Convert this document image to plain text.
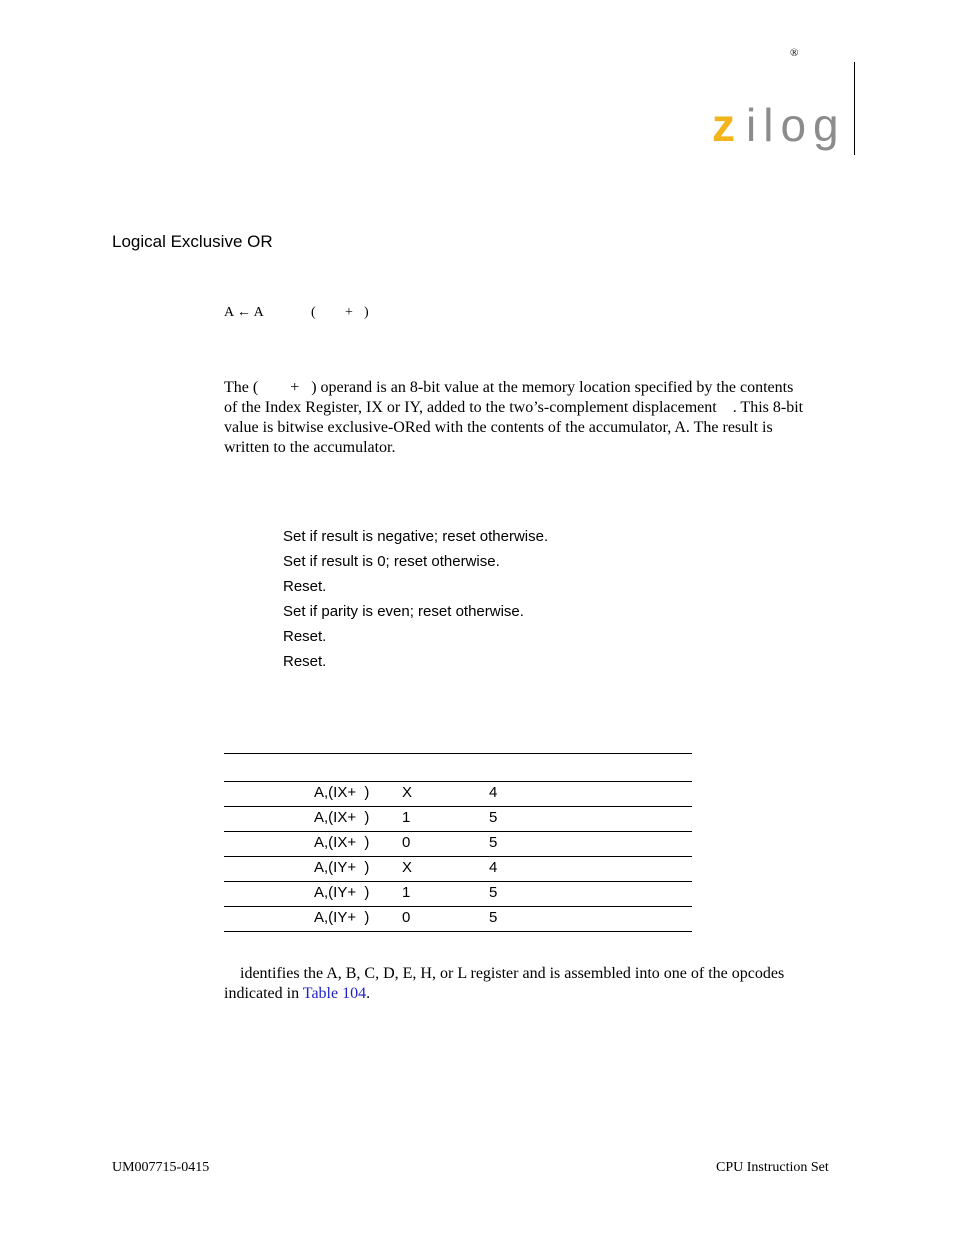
®
z ilog
Logical Exclusive OR
A ← A	( + )
The (        +   ) operand is an 8-bit value at the memory location specified by the contents
of the Index Register, IX or IY, added to the two’s-complement displacement    . This 8-bit
value is bitwise exclusive-ORed with the contents of the accumulator, A. The result is
written to the accumulator.
Set if result is negative; reset otherwise.
Set if result is 0; reset otherwise.
Reset.
Set if parity is even; reset otherwise.
Reset.
Reset.
A,(IX+  ) X	4
A,(IX+  ) 1	5
A,(IX+  ) 0	5
A,(IY+  ) X	4
A,(IY+  ) 1	5
A,(IY+  ) 0	5
identifies the A, B, C, D, E, H, or L register and is assembled into one of the opcodes
indicated in Table 104.
UM007715-0415	CPU Instruction Set
